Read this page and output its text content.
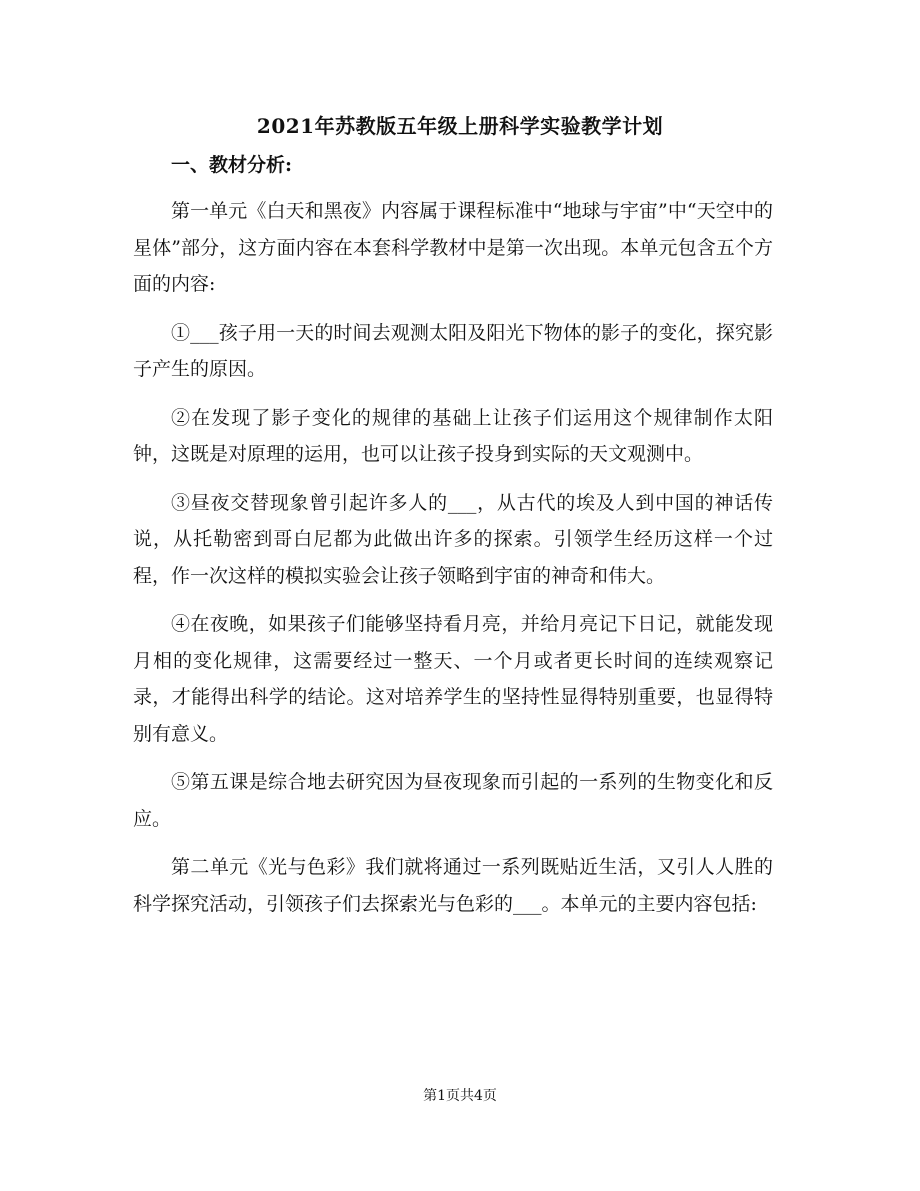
2021年苏教版五年级上册科学实验教学计划
一、教材分析:

第一单元《白天和黑夜》内容属于课程标准中“地球与宇宙”中“天空中的星体”部分，这方面内容在本套科学教材中是第一次出现。本单元包含五个方面的内容:

①___孩子用一天的时间去观测太阳及阳光下物体的影子的变化，探究影子产生的原因。

②在发现了影子变化的规律的基础上让孩子们运用这个规律制作太阳钟，这既是对原理的运用，也可以让孩子投身到实际的天文观测中。

③昼夜交替现象曾引起许多人的___，从古代的埃及人到中国的神话传说，从托勒密到哥白尼都为此做出许多的探索。引领学生经历这样一个过程，作一次这样的模拟实验会让孩子领略到宇宙的神奇和伟大。

④在夜晚，如果孩子们能够坚持看月亮，并给月亮记下日记，就能发现月相的变化规律，这需要经过一整天、一个月或者更长时间的连续观察记录，才能得出科学的结论。这对培养学生的坚持性显得特别重要，也显得特别有意义。

⑤第五课是综合地去研究因为昼夜现象而引起的一系列的生物变化和反应。

第二单元《光与色彩》我们就将通过一系列既贴近生活，又引人人胜的科学探究活动，引领孩子们去探索光与色彩的___。本单元的主要内容包括:

第1页共4页
